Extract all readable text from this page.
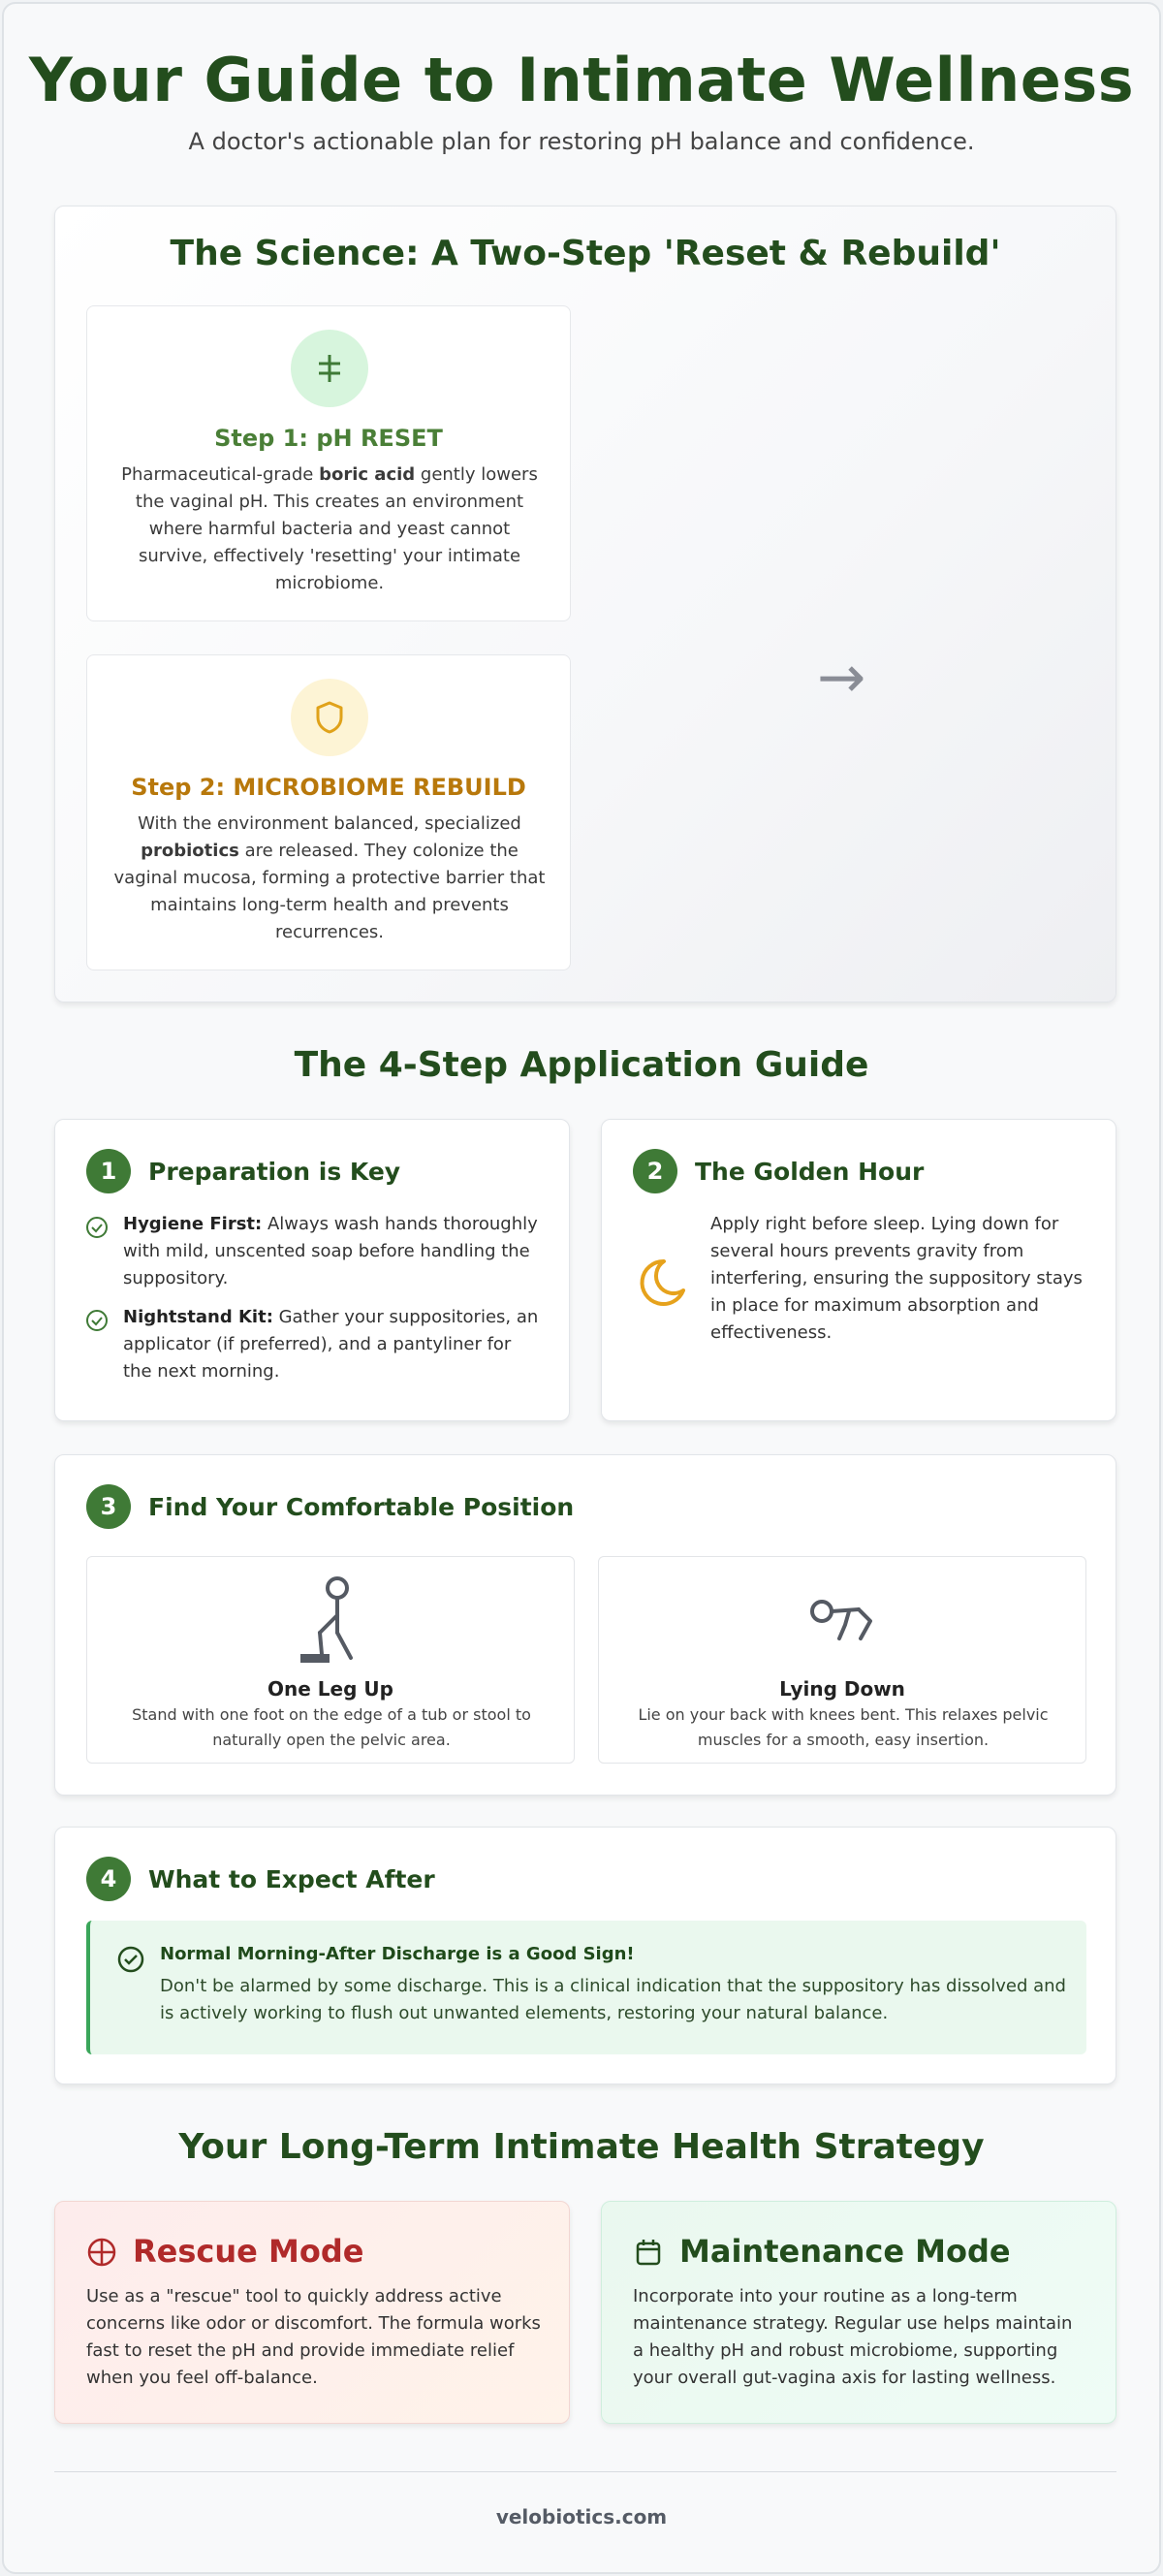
Your Guide to Intimate Wellness
A doctor's actionable plan for restoring pH balance and confidence.
The Science: A Two-Step 'Reset & Rebuild'
Step 1: pH RESET
Pharmaceutical-grade boric acid gently lowers the vaginal pH. This creates an environment where harmful bacteria and yeast cannot survive, effectively 'resetting' your intimate microbiome.
Step 2: MICROBIOME REBUILD
With the environment balanced, specialized probiotics are released. They colonize the vaginal mucosa, forming a protective barrier that maintains long-term health and prevents recurrences.
→
The 4-Step Application Guide
1	Preparation is Key
Hygiene First: Always wash hands thoroughly with mild, unscented soap before handling the suppository.
Nightstand Kit: Gather your suppositories, an applicator (if preferred), and a pantyliner for the next morning.
2	The Golden Hour
Apply right before sleep. Lying down for several hours prevents gravity from interfering, ensuring the suppository stays in place for maximum absorption and effectiveness.
3	Find Your Comfortable Position
One Leg Up
Stand with one foot on the edge of a tub or stool to naturally open the pelvic area.
Lying Down
Lie on your back with knees bent. This relaxes pelvic muscles for a smooth, easy insertion.
4	What to Expect After
Normal Morning-After Discharge is a Good Sign!
Don't be alarmed by some discharge. This is a clinical indication that the suppository has dissolved and is actively working to flush out unwanted elements, restoring your natural balance.
Your Long-Term Intimate Health Strategy
Rescue Mode
Use as a "rescue" tool to quickly address active concerns like odor or discomfort. The formula works fast to reset the pH and provide immediate relief when you feel off-balance.
Maintenance Mode
Incorporate into your routine as a long-term maintenance strategy. Regular use helps maintain a healthy pH and robust microbiome, supporting your overall gut-vagina axis for lasting wellness.
velobiotics.com
